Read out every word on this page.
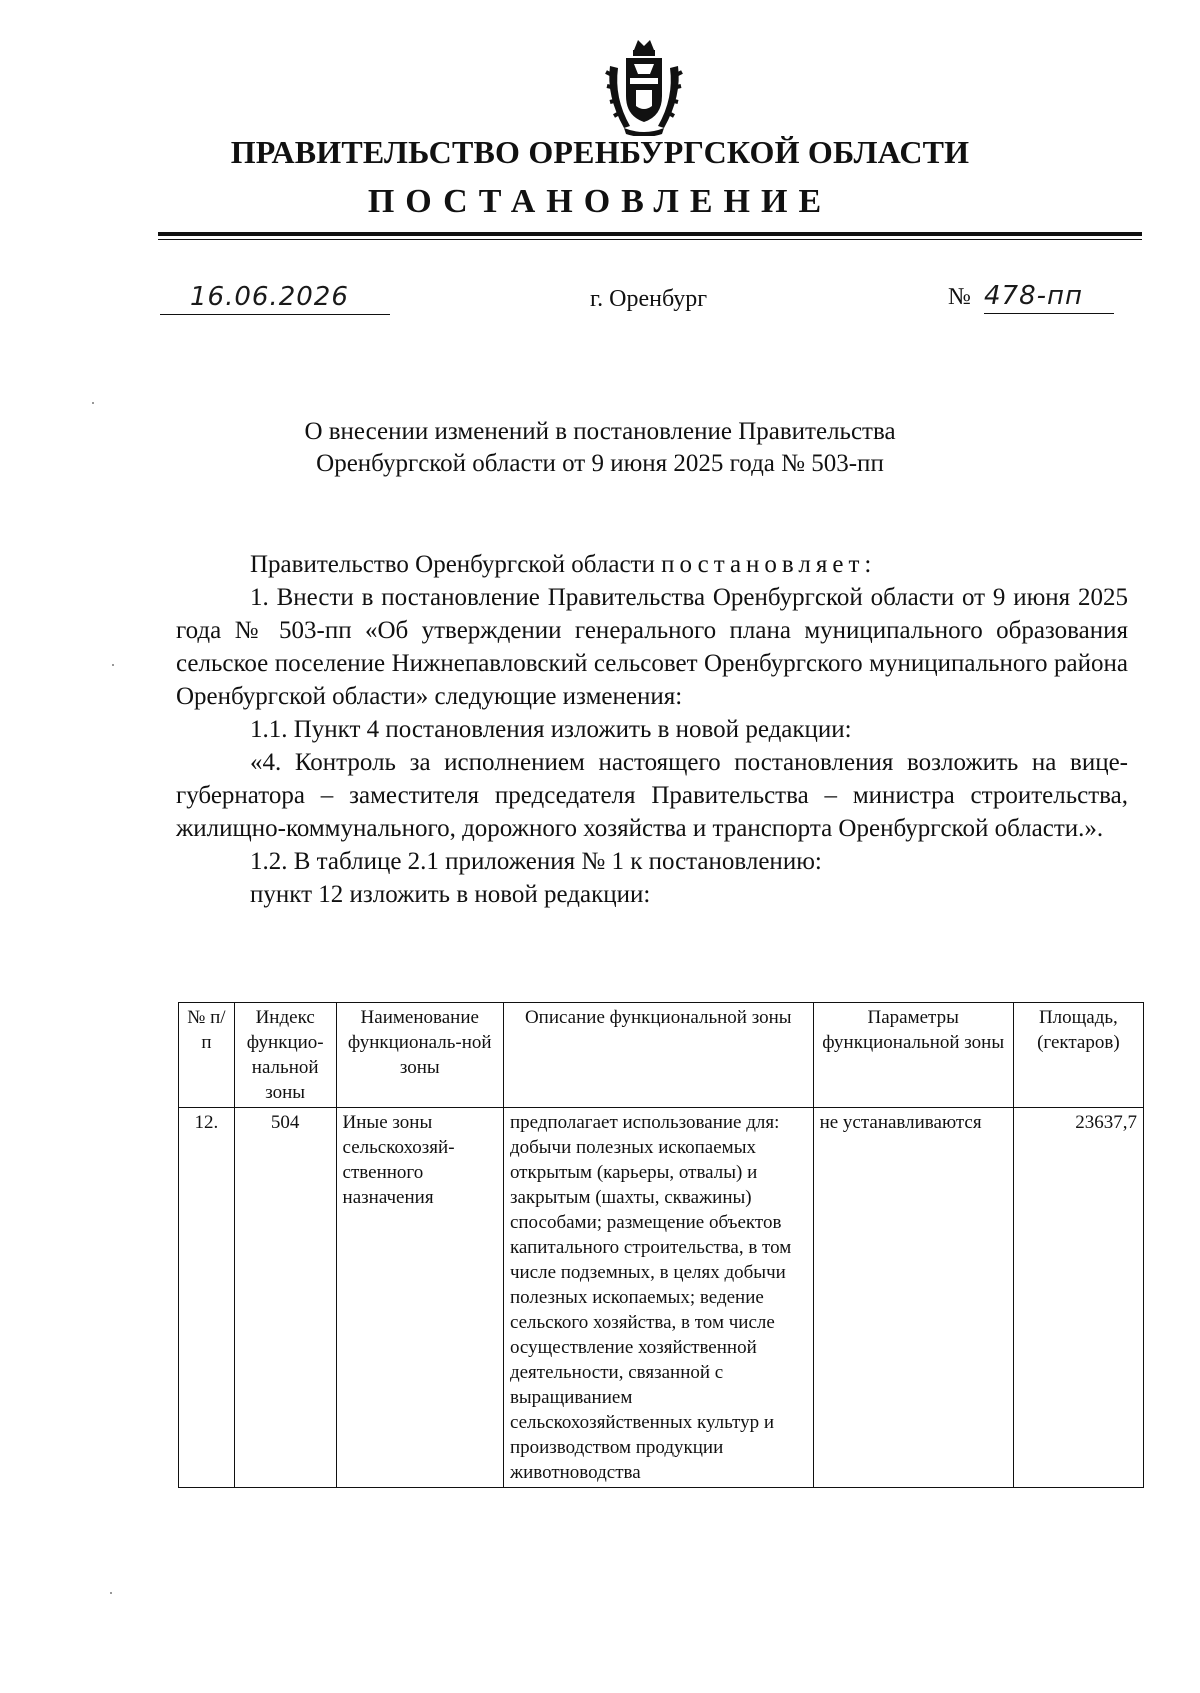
ПРАВИТЕЛЬСТВО ОРЕНБУРГСКОЙ ОБЛАСТИ
ПОСТАНОВЛЕНИЕ
16.06.2026	г. Оренбург	№ 478-пп
О внесении изменений в постановление Правительства
Оренбургской области от 9 июня 2025 года № 503-пп

Правительство Оренбургской области постановляет:

1. Внести в постановление Правительства Оренбургской области от 9 июня 2025 года № 503-пп «Об утверждении генерального плана муниципального образования сельское поселение Нижнепавловский сельсовет Оренбургского муниципального района Оренбургской области» следующие изменения:

1.1. Пункт 4 постановления изложить в новой редакции:

«4. Контроль за исполнением настоящего постановления возложить на вице-губернатора – заместителя председателя Правительства – министра строительства, жилищно-коммунального, дорожного хозяйства и транспорта Оренбургской области.».

1.2. В таблице 2.1 приложения № 1 к постановлению:

пункт 12 изложить в новой редакции:

№ п/п	Индекс функцио-нальной зоны	Наименование функциональ-ной зоны	Описание функциональной зоны	Параметры функциональной зоны	Площадь, (гектаров)
12.	504	Иные зоны сельскохозяй-ственного назначения	предполагает использование для: добычи полезных ископаемых открытым (карьеры, отвалы) и закрытым (шахты, скважины) способами; размещение объектов капитального строительства, в том числе подземных, в целях добычи полезных ископаемых; ведение сельского хозяйства, в том числе осуществление хозяйственной деятельности, связанной с выращиванием сельскохозяйственных культур и производством продукции животноводства	не устанавливаются	23637,7
